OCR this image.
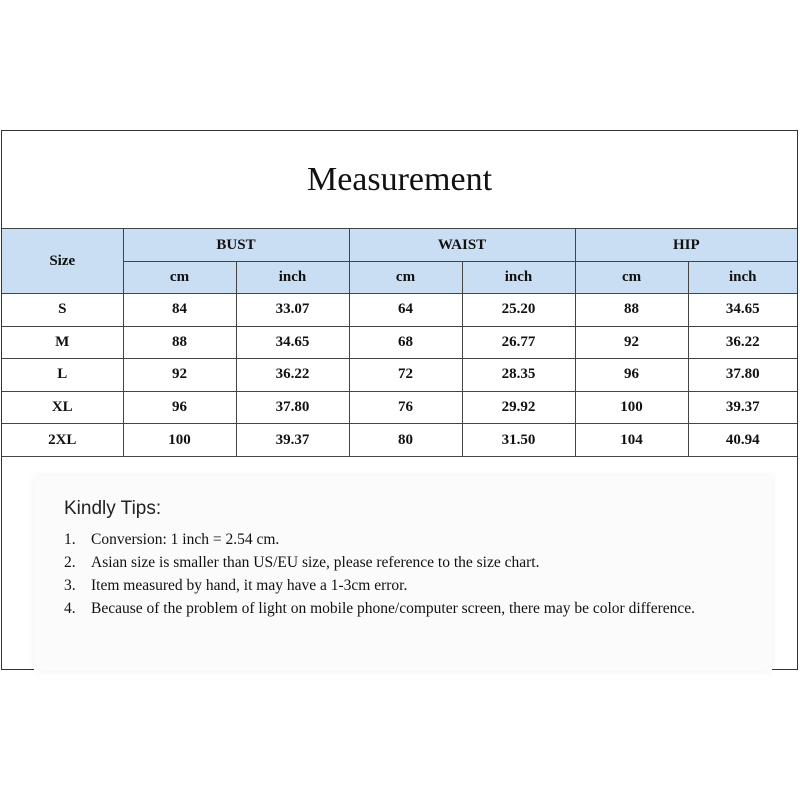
Measurement
Size	BUST		WAIST		HIP	
	cm	inch	cm	inch	cm	inch
S	84	33.07	64	25.20	88	34.65
M	88	34.65	68	26.77	92	36.22
L	92	36.22	72	28.35	96	37.80
XL	96	37.80	76	29.92	100	39.37
2XL	100	39.37	80	31.50	104	40.94
Kindly Tips:
1. Conversion: 1 inch = 2.54 cm.
2. Asian size is smaller than US/EU size, please reference to the size chart.
3. Item measured by hand, it may have a 1-3cm error.
4. Because of the problem of light on mobile phone/computer screen, there may be color difference.
